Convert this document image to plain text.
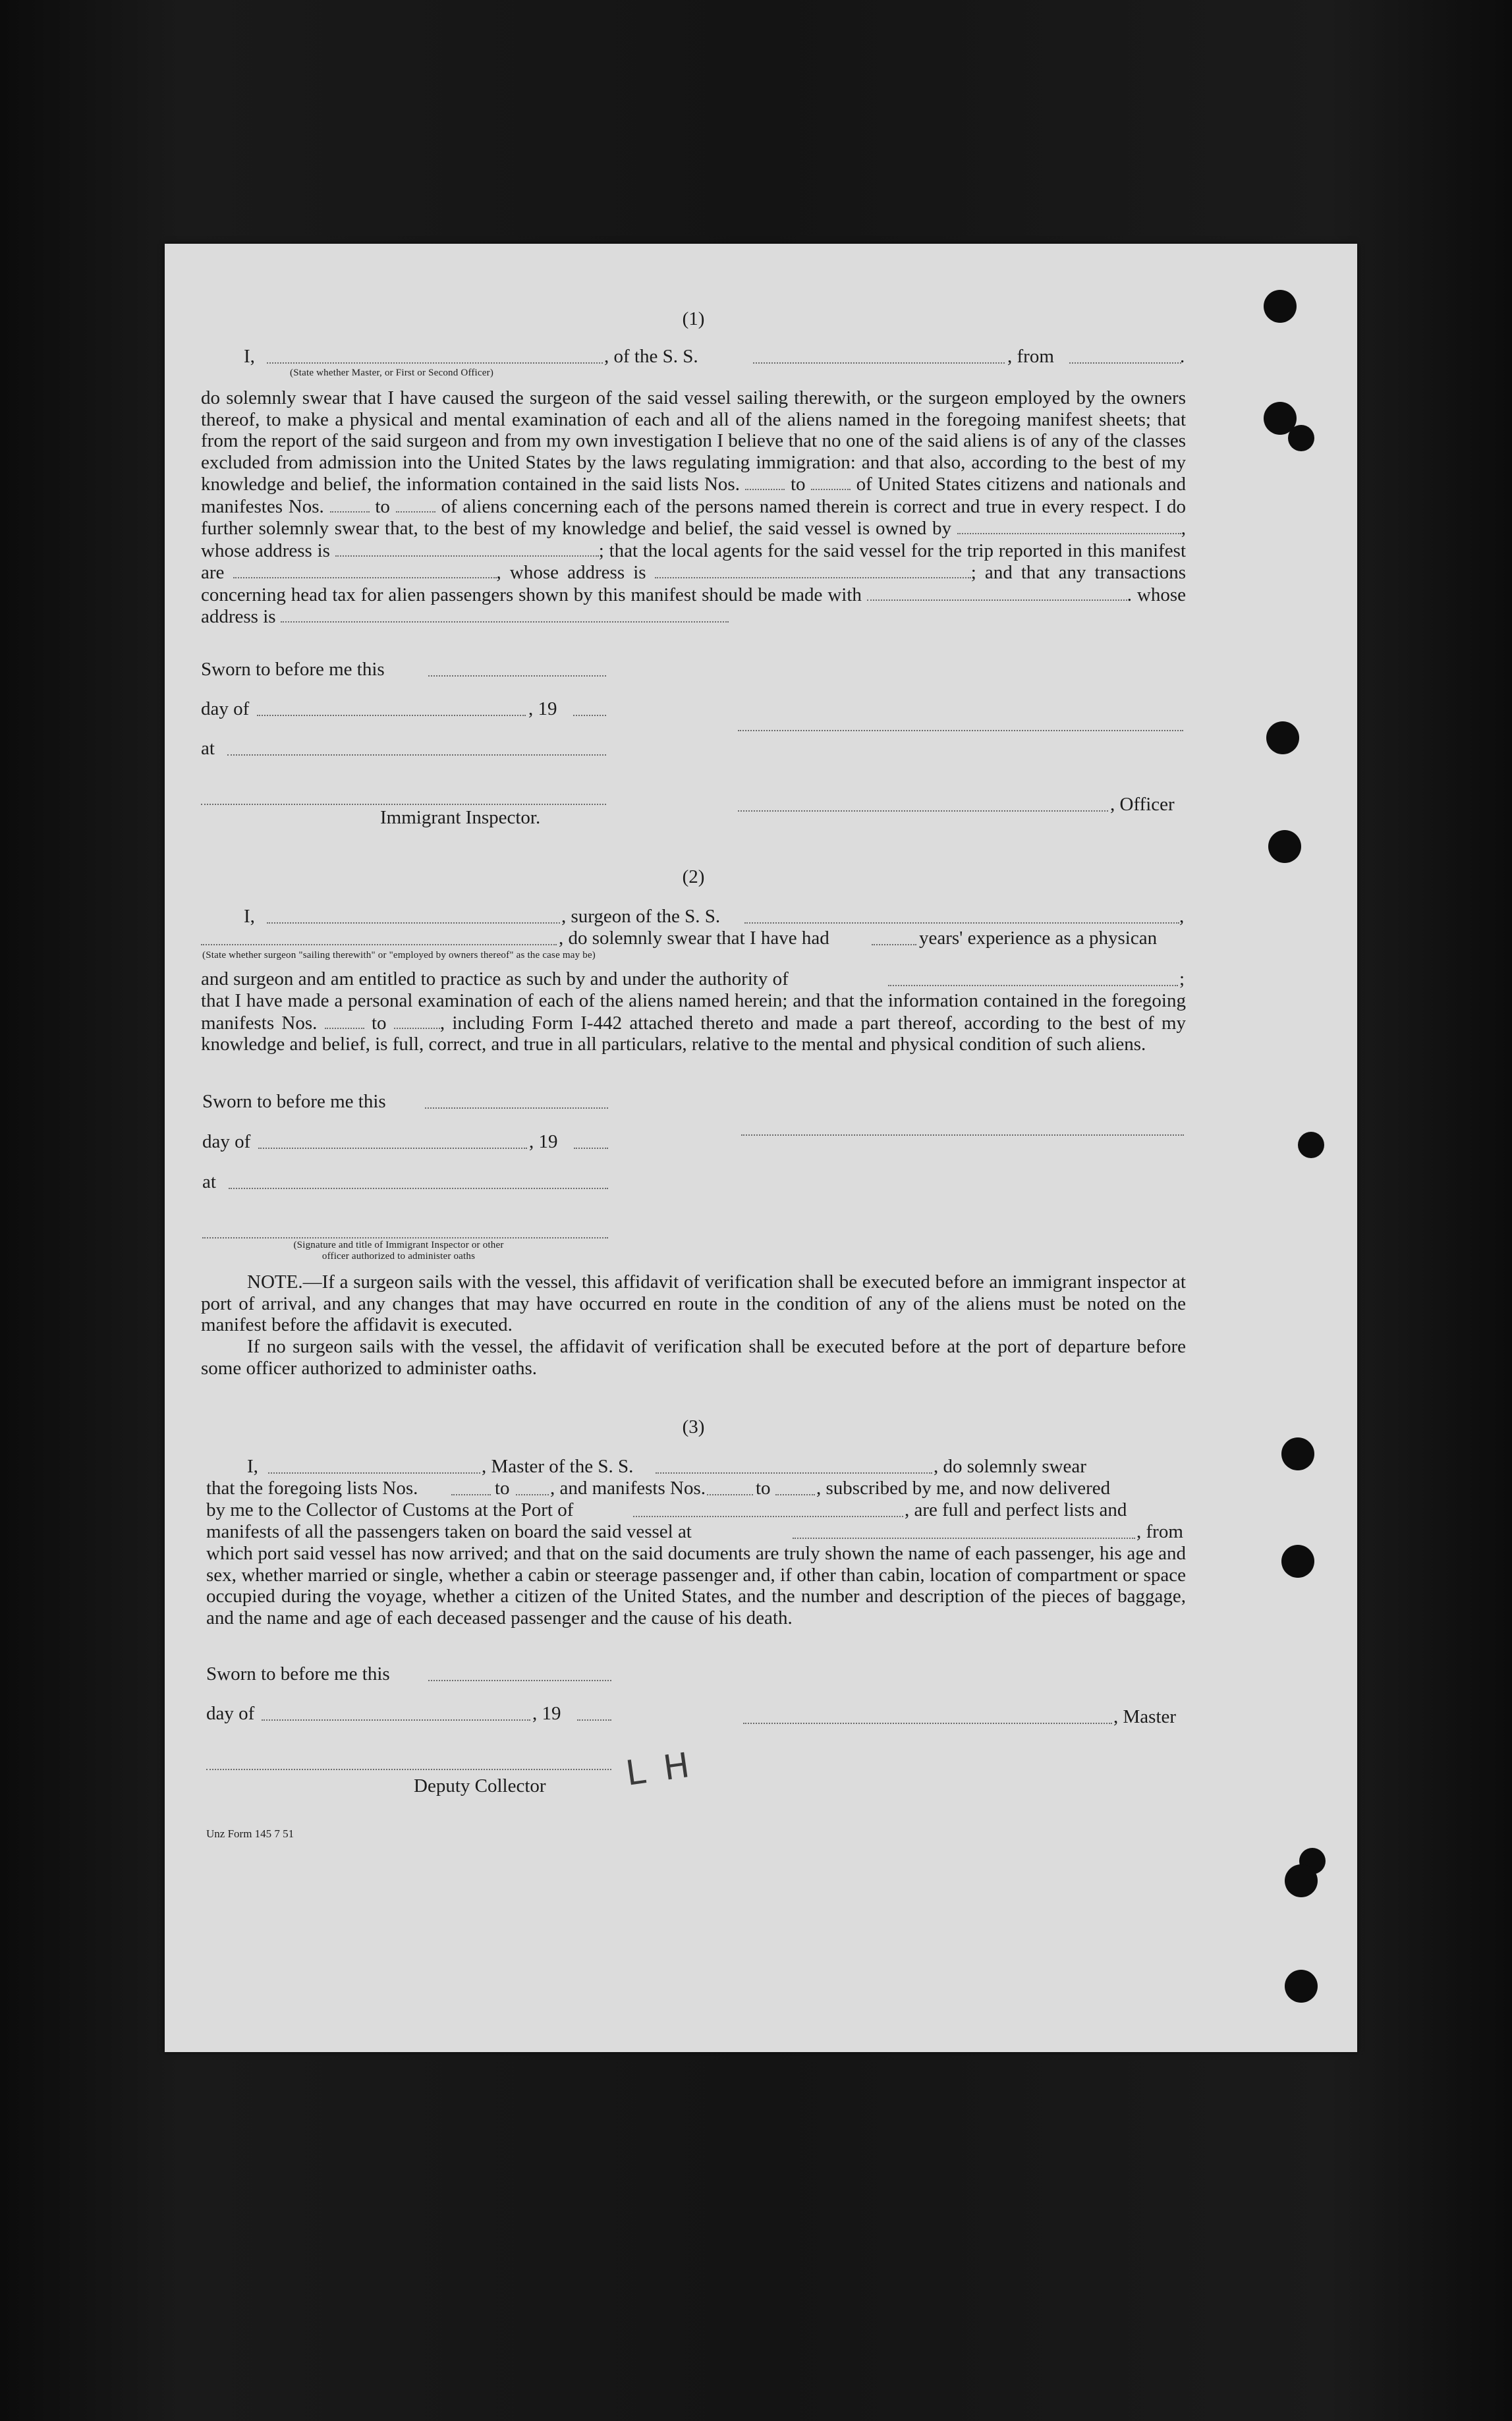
(1)
I,	, of the S. S.	, from	.
(State whether Master, or First or Second Officer)
do solemnly swear that I have caused the surgeon of the said vessel sailing therewith, or the surgeon employed by the owners thereof, to make a physical and mental examination of each and all of the aliens named in the foregoing manifest sheets; that from the report of the said surgeon and from my own investigation I believe that no one of the said aliens is of any of the classes excluded from admission into the United States by the laws regulating immigration: and that also, according to the best of my knowledge and belief, the information contained in the said lists Nos.	to	of United States citizens and nationals and manifestes Nos.	to	of aliens concerning each of the persons named therein is correct and true in every respect. I do further solemnly swear that, to the best of my knowledge and belief, the said vessel is owned by	, whose address is	; that the local agents for the said vessel for the trip reported in this manifest are	, whose address is	; and that any transactions concerning head tax for alien passengers shown by this manifest should be made with	. whose address is
Sworn to before me this
day of	, 19
at
, Officer
Immigrant Inspector.
(2)
I,	, surgeon of the S. S.	,
, do solemnly swear that I have had	years' experience as a physican
(State whether surgeon "sailing therewith" or "employed by owners thereof" as the case may be)
and surgeon and am entitled to practice as such by and under the authority of	;
that I have made a personal examination of each of the aliens named herein; and that the information contained in the foregoing manifests Nos.	to	, including Form I-442 attached thereto and made a part thereof, according to the best of my knowledge and belief, is full, correct, and true in all particulars, relative to the mental and physical condition of such aliens.
Sworn to before me this
day of	, 19
at
(Signature and title of Immigrant Inspector or other
officer authorized to administer oaths
NOTE.—If a surgeon sails with the vessel, this affidavit of verification shall be executed before an immigrant inspector at port of arrival, and any changes that may have occurred en route in the condition of any of the aliens must be noted on the manifest before the affidavit is executed.
If no surgeon sails with the vessel, the affidavit of verification shall be executed before at the port of departure before some officer authorized to administer oaths.
(3)
I,	, Master of the S. S.	, do solemnly swear
that the foregoing lists Nos.	to , and manifests Nos.	to , subscribed by me, and now delivered
by me to the Collector of Customs at the Port of	, are full and perfect lists and
manifests of all the passengers taken on board the said vessel at	, from
which port said vessel has now arrived; and that on the said documents are truly shown the name of each passenger, his age and sex, whether married or single, whether a cabin or steerage passenger and, if other than cabin, location of compartment or space occupied during the voyage, whether a citizen of the United States, and the number and description of the pieces of baggage, and the name and age of each deceased passenger and the cause of his death.
Sworn to before me this
day of	, 19	, Master
Deputy Collector L H
Unz Form 145 7 51
